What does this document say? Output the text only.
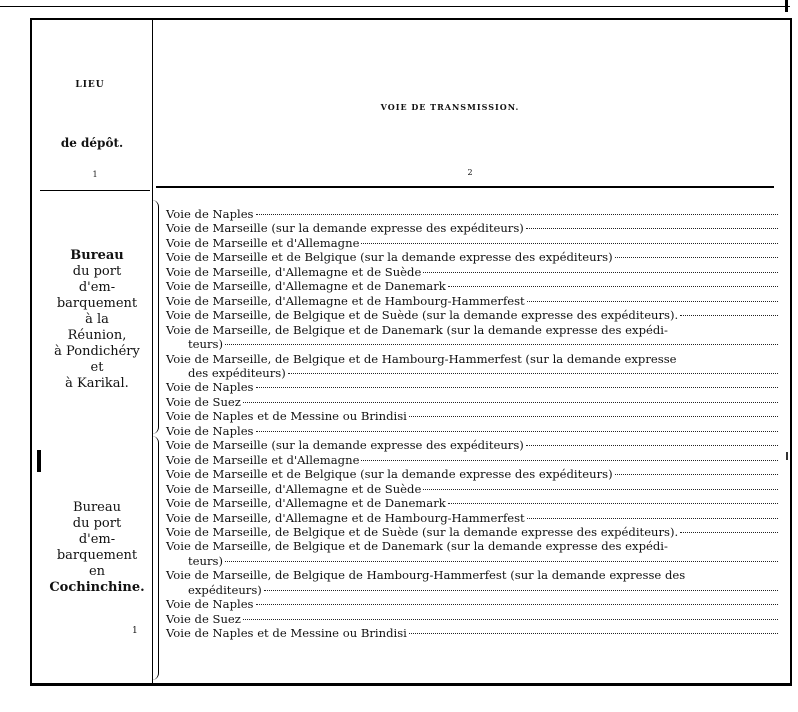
LIEU
de dépôt.
1
VOIE DE TRANSMISSION.
2
Bureau
du port
d'em-
barquement
à la
Réunion,
à Pondichéry
et
à Karikal.
Bureau
du port
d'em-
barquement
en
Cochinchine.
1
Voie de Naples
Voie de Marseille (sur la demande expresse des expéditeurs)
Voie de Marseille et d'Allemagne
Voie de Marseille et de Belgique (sur la demande expresse des expéditeurs)
Voie de Marseille, d'Allemagne et de Suède
Voie de Marseille, d'Allemagne et de Danemark
Voie de Marseille, d'Allemagne et de Hambourg-Hammerfest
Voie de Marseille, de Belgique et de Suède (sur la demande expresse des expéditeurs).
Voie de Marseille, de Belgique et de Danemark (sur la demande expresse des expédi-
teurs)
Voie de Marseille, de Belgique et de Hambourg-Hammerfest (sur la demande expresse
des expéditeurs)
Voie de Naples
Voie de Suez
Voie de Naples et de Messine ou Brindisi
Voie de Naples
Voie de Marseille (sur la demande expresse des expéditeurs)
Voie de Marseille et d'Allemagne
Voie de Marseille et de Belgique (sur la demande expresse des expéditeurs)
Voie de Marseille, d'Allemagne et de Suède
Voie de Marseille, d'Allemagne et de Danemark
Voie de Marseille, d'Allemagne et de Hambourg-Hammerfest
Voie de Marseille, de Belgique et de Suède (sur la demande expresse des expéditeurs).
Voie de Marseille, de Belgique et de Danemark (sur la demande expresse des expédi-
teurs)
Voie de Marseille, de Belgique de Hambourg-Hammerfest (sur la demande expresse des
expéditeurs)
Voie de Naples
Voie de Suez
Voie de Naples et de Messine ou Brindisi
